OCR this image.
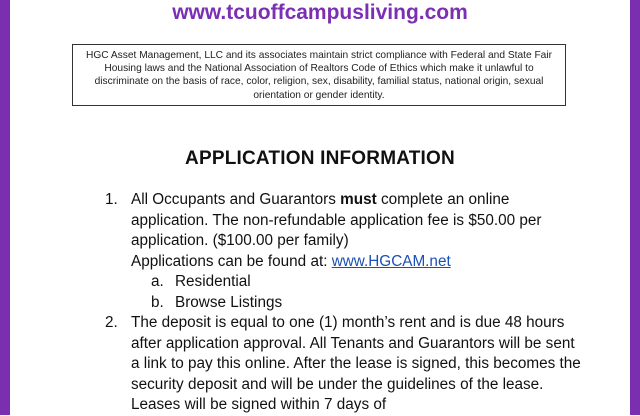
www.tcuoffcampusliving.com
HGC Asset Management, LLC and its associates maintain strict compliance with Federal and State Fair Housing laws and the National Association of Realtors Code of Ethics which make it unlawful to discriminate on the basis of race, color, religion, sex, disability, familial status, national origin, sexual orientation or gender identity.
APPLICATION INFORMATION
1. All Occupants and Guarantors must complete an online application. The non-refundable application fee is $50.00 per application. ($100.00 per family)
Applications can be found at: www.HGCAM.net
a. Residential
b. Browse Listings
2. The deposit is equal to one (1) month’s rent and is due 48 hours after application approval. All Tenants and Guarantors will be sent a link to pay this online. After the lease is signed, this becomes the security deposit and will be under the guidelines of the lease. Leases will be signed within 7 days of
